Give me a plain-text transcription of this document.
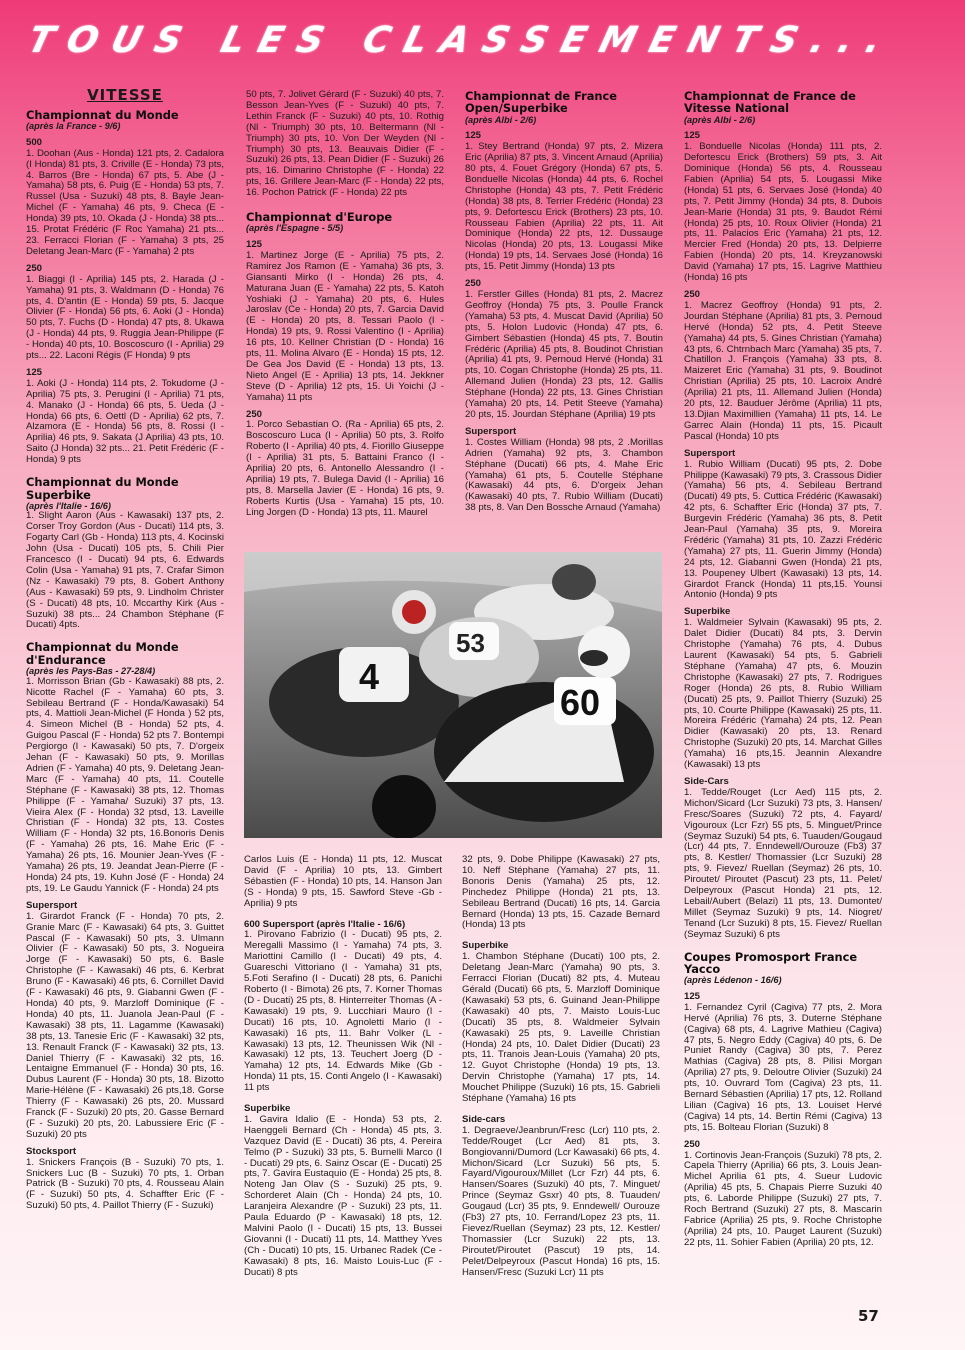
TOUS LES CLASSEMENTS...
VITESSE
Championnat du Monde
(après la France - 9/6)
500

1. Doohan (Aus - Honda) 121 pts, 2. Cadalora (I Honda) 81 pts, 3. Criville (E - Honda) 73 pts, 4. Barros (Bre - Honda) 67 pts, 5. Abe (J - Yamaha) 58 pts, 6. Puig (E - Honda) 53 pts, 7. Russel (Usa - Suzuki) 48 pts, 8. Bayle Jean-Michel (F - Yamaha) 46 pts, 9. Checa (E - Honda) 39 pts, 10. Okada (J - Honda) 38 pts... 15. Protat Frédéric (F Roc Yamaha) 21 pts... 23. Ferracci Florian (F - Yamaha) 3 pts, 25 Deletang Jean-Marc (F - Yamaha) 2 pts

250

1. Biaggi (I - Aprilia) 145 pts, 2. Harada (J - Yamaha) 91 pts, 3. Waldmann (D - Honda) 76 pts, 4. D'antin (E - Honda) 59 pts, 5. Jacque Olivier (F - Honda) 56 pts, 6. Aoki (J - Honda) 50 pts, 7. Fuchs (D - Honda) 47 pts, 8. Ukawa (J - Honda) 44 pts, 9. Ruggia Jean-Philippe (F - Honda) 40 pts, 10. Boscoscuro (I - Aprilia) 29 pts... 22. Laconi Régis (F Honda) 9 pts

125

1. Aoki (J - Honda) 114 pts, 2. Tokudome (J - Aprilia) 75 pts, 3. Perugini (I - Aprilia) 71 pts, 4. Manako (J - Honda) 66 pts, 5. Ueda (J - Honda) 66 pts, 6. Oettl (D - Aprilia) 62 pts, 7. Alzamora (E - Honda) 56 pts, 8. Rossi (I - Aprilia) 46 pts, 9. Sakata (J Aprilia) 43 pts, 10. Saito (J Honda) 32 pts... 21. Petit Frédéric (F - Honda) 9 pts

Championnat du Monde Superbike
(après l'Italie - 16/6)

1. Slight Aaron (Aus - Kawasaki) 137 pts, 2. Corser Troy Gordon (Aus - Ducati) 114 pts, 3. Fogarty Carl (Gb - Honda) 113 pts, 4. Kocinski John (Usa - Ducati) 105 pts, 5. Chili Pier Francesco (I - Ducati) 94 pts, 6. Edwards Colin (Usa - Yamaha) 91 pts, 7. Crafar Simon (Nz - Kawasaki) 79 pts, 8. Gobert Anthony (Aus - Kawasaki) 59 pts, 9. Lindholm Christer (S - Ducati) 48 pts, 10. Mccarthy Kirk (Aus - Suzuki) 38 pts... 24 Chambon Stéphane (F Ducati) 4pts.

Championnat du Monde d'Endurance
(après les Pays-Bas - 27-28/4)

1. Morrisson Brian (Gb - Kawasaki) 88 pts, 2. Nicotte Rachel (F - Yamaha) 60 pts, 3. Sebileau Bertrand (F - Honda/Kawasaki) 54 pts, 4. Mattioli Jean-Michel (F Honda ) 52 pts, 4. Simeon Michel (B - Honda) 52 pts, 4. Guigou Pascal (F - Honda) 52 pts 7. Bontempi Pergiorgo (I - Kawasaki) 50 pts, 7. D'orgeix Jehan (F - Kawasaki) 50 pts, 9. Morillas Adrien (F - Yamaha) 40 pts, 9. Deletang Jean-Marc (F - Yamaha) 40 pts, 11. Coutelle Stéphane (F - Kawasaki) 38 pts, 12. Thomas Philippe (F - Yamaha/ Suzuki) 37 pts, 13. Vieira Alex (F - Honda) 32 ptsd, 13. Laveille Christian (F - Honda) 32 pts, 13. Costes William (F - Honda) 32 pts, 16.Bonoris Denis (F - Yamaha) 26 pts, 16. Mahe Eric (F - Yamaha) 26 pts, 16. Mounier Jean-Yves (F - Yamaha) 26 pts, 19. Jeandat Jean-Pierre (F - Honda) 24 pts, 19. Kuhn José (F - Honda) 24 pts, 19. Le Gaudu Yannick (F - Honda) 24 pts

Supersport

1. Girardot Franck (F - Honda) 70 pts, 2. Granie Marc (F - Kawasaki) 64 pts, 3. Guittet Pascal (F - Kawasaki) 50 pts, 3. Ulmann Olivier (F - Kawasaki) 50 pts, 3. Nogueira Jorge (F - Kawasaki) 50 pts, 6. Basle Christophe (F - Kawasaki) 46 pts, 6. Kerbrat Bruno (F - Kawasaki) 46 pts, 6. Cornillet David (F - Kawasaki) 46 pts, 9. Giabanni Gwen (F - Honda) 40 pts, 9. Marzloff Dominique (F - Honda) 40 pts, 11. Juanola Jean-Paul (F - Kawasaki) 38 pts, 11. Lagamme (Kawasaki) 38 pts, 13. Tanesie Eric (F - Kawasaki) 32 pts, 13. Renault Franck (F - Kawasaki) 32 pts, 13. Daniel Thierry (F - Kawasaki) 32 pts, 16. Lentaigne Emmanuel (F - Honda) 30 pts, 16. Dubus Laurent (F - Honda) 30 pts, 18. Bizotto Marie-Hélène (F - Kawasaki) 26 pts,18. Gorse Thierry (F - Kawasaki) 26 pts, 20. Mussard Franck (F - Suzuki) 20 pts, 20. Gasse Bernard (F - Suzuki) 20 pts, 20. Labussiere Eric (F - Suzuki) 20 pts

Stocksport

1. Snickers François (B - Suzuki) 70 pts, 1. Snickers Luc (B - Suzuki) 70 pts, 1. Orban Patrick (B - Suzuki) 70 pts, 4. Rousseau Alain (F - Suzuki) 50 pts, 4. Schaffter Eric (F - Suzuki) 50 pts, 4. Paillot Thierry (F - Suzuki)

50 pts, 7. Jolivet Gérard (F - Suzuki) 40 pts, 7. Besson Jean-Yves (F - Suzuki) 40 pts, 7. Lethin Franck (F - Suzuki) 40 pts, 10. Rothig (Nl - Triumph) 30 pts, 10. Beltermann (Nl - Triumph) 30 pts, 10. Von Der Weyden (Nl - Triumph) 30 pts, 13. Beauvais Didier (F - Suzuki) 26 pts, 13. Pean Didier (F - Suzuki) 26 pts, 16. Dimarino Christophe (F - Honda) 22 pts, 16. Grillere Jean-Marc (F - Honda) 22 pts, 16. Pochon Patrick (F - Honda) 22 pts

Championnat d'Europe
(après l'Espagne - 5/5)
125

1. Martinez Jorge (E - Aprilia) 75 pts, 2. Ramirez Jos Ramon (E - Yamaha) 36 pts, 3. Giansanti Mirko (I - Honda) 26 pts, 4. Maturana Juan (E - Yamaha) 22 pts, 5. Katoh Yoshiaki (J - Yamaha) 20 pts, 6. Hules Jaroslav (Ce - Honda) 20 pts, 7. Garcia David (E - Honda) 20 pts, 8. Tessari Paolo (I - Honda) 19 pts, 9. Rossi Valentino (I - Aprilia) 16 pts, 10. Kellner Christian (D - Honda) 16 pts, 11. Molina Alvaro (E - Honda) 15 pts, 12. De Gea Jos David (E - Honda) 13 pts, 13. Nieto Angel (E - Aprilia) 13 pts, 14. Jekkner Steve (D - Aprilia) 12 pts, 15. Ui Yoichi (J - Yamaha) 11 pts

250

1. Porco Sebastian O. (Ra - Aprilia) 65 pts, 2. Boscoscuro Luca (I - Aprilia) 50 pts, 3. Rolfo Roberto (I - Aprilia) 40 pts, 4. Fiorillo Giuseppe (I - Aprilia) 31 pts, 5. Battaini Franco (I - Aprilia) 20 pts, 6. Antonello Alessandro (I - Aprilia) 19 pts, 7. Bulega David (I - Aprilia) 16 pts, 8. Marsella Javier (E - Honda) 16 pts, 9. Roberts Kurtis (Usa - Yamaha) 15 pts, 10. Ling Jorgen (D - Honda) 13 pts, 11. Maurel

Championnat de France Open/Superbike
(après Albi - 2/6)
125

1. Stey Bertrand (Honda) 97 pts, 2. Mizera Eric (Aprilia) 87 pts, 3. Vincent Arnaud (Aprilia) 80 pts, 4. Fouet Grégory (Honda) 67 pts, 5. Bonduelle Nicolas (Honda) 44 pts, 6. Rochel Christophe (Honda) 43 pts, 7. Petit Frédéric (Honda) 38 pts, 8. Terrier Frédéric (Honda) 23 pts, 9. Defortescu Erick (Brothers) 23 pts, 10. Rousseau Fabien (Aprilia) 22 pts, 11. Ait Dominique (Honda) 22 pts, 12. Dussauge Nicolas (Honda) 20 pts, 13. Lougassi Mike (Honda) 19 pts, 14. Servaes José (Honda) 16 pts, 15. Petit Jimmy (Honda) 13 pts

250

1. Ferstler Gilles (Honda) 81 pts, 2. Macrez Geoffroy (Honda) 75 pts, 3. Poulle Franck (Yamaha) 53 pts, 4. Muscat David (Aprilia) 50 pts, 5. Holon Ludovic (Honda) 47 pts, 6. Gimbert Sébastien (Honda) 45 pts, 7. Boutin Frédéric (Aprilia) 45 pts, 8. Boudinot Christian (Aprilia) 41 pts, 9. Pernoud Hervé (Honda) 31 pts, 10. Cogan Christophe (Honda) 25 pts, 11. Allemand Julien (Honda) 23 pts, 12. Gallis Stéphane (Honda) 22 pts, 13. Gines Christian (Yamaha) 20 pts, 14. Petit Steeve (Yamaha) 20 pts, 15. Jourdan Stéphane (Aprilia) 19 pts

Supersport

1. Costes William (Honda) 98 pts, 2 .Morillas Adrien (Yamaha) 92 pts, 3. Chambon Stéphane (Ducati) 66 pts, 4. Mahe Eric (Yamaha) 61 pts, 5. Coutelle Stéphane (Kawasaki) 44 pts, 6. D'orgeix Jehan (Kawasaki) 40 pts, 7. Rubio William (Ducati) 38 pts, 8. Van Den Bossche Arnaud (Yamaha)

4
53
60

Carlos Luis (E - Honda) 11 pts, 12. Muscat David (F - Aprilia) 10 pts, 13. Gimbert Sébastien (F - Honda) 10 pts, 14. Hanson Jan (S - Honda) 9 pts, 15. Sawford Steve -Gb - Aprilia) 9 pts

600 Supersport (après l'Italie - 16/6)

1. Pirovano Fabrizio (I - Ducati) 95 pts, 2. Meregalli Massimo (I - Yamaha) 74 pts, 3. Mariottini Camillo (I - Ducati) 49 pts, 4. Guareschi Vittoriano (I - Yamaha) 31 pts, 5.Foti Serafino (I - Ducati) 28 pts, 6. Panichi Roberto (I - Bimota) 26 pts, 7. Korner Thomas (D - Ducati) 25 pts, 8. Hinterreiter Thomas (A - Kawasaki) 19 pts, 9. Lucchiari Mauro (I - Ducati) 16 pts, 10. Agnoletti Mario (I - Kawasaki) 16 pts, 11. Bahr Volker (L - Kawasaki) 13 pts, 12. Theunissen Wik (Nl - Kawasaki) 12 pts, 13. Teuchert Joerg (D - Yamaha) 12 pts, 14. Edwards Mike (Gb - Honda) 11 pts, 15. Conti Angelo (I - Kawasaki) 11 pts

Superbike

1. Gavira Idalio (E - Honda) 53 pts, 2. Haenggeli Bernard (Ch - Honda) 45 pts, 3. Vazquez David (E - Ducati) 36 pts, 4. Pereira Telmo (P - Suzuki) 33 pts, 5. Burnelli Marco (I - Ducati) 29 pts, 6. Sainz Oscar (E - Ducati) 25 pts, 7. Gavira Eustaquio (E - Honda) 25 pts, 8. Noteng Jan Olav (S - Suzuki) 25 pts, 9. Schorderet Alain (Ch - Honda) 24 pts, 10. Laranjeira Alexandre (P - Suzuki) 23 pts, 11. Paula Eduardo (P - Kawasaki) 18 pts, 12. Malvini Paolo (I - Ducati) 15 pts, 13. Bussei Giovanni (I - Ducati) 11 pts, 14. Matthey Yves (Ch - Ducati) 10 pts, 15. Urbanec Radek (Ce - Kawasaki) 8 pts, 16. Maisto Louis-Luc (F - Ducati) 8 pts

32 pts, 9. Dobe Philippe (Kawasaki) 27 pts, 10. Neff Stéphane (Yamaha) 27 pts, 11. Bonoris Denis (Yamaha) 25 pts, 12. Pinchedez Philippe (Honda) 21 pts, 13. Sebileau Bertrand (Ducati) 16 pts, 14. Garcia Bernard (Honda) 13 pts, 15. Cazade Bernard (Honda) 13 pts

Superbike

1. Chambon Stéphane (Ducati) 100 pts, 2. Deletang Jean-Marc (Yamaha) 90 pts, 3. Ferracci Florian (Ducati) 82 pts, 4. Muteau Gérald (Ducati) 66 pts, 5. Marzloff Dominique (Kawasaki) 53 pts, 6. Guinand Jean-Philippe (Kawasaki) 40 pts, 7. Maisto Louis-Luc (Ducati) 35 pts, 8. Waldmeier Sylvain (Kawasaki) 25 pts, 9. Laveille Christian (Honda) 24 pts, 10. Dalet Didier (Ducati) 23 pts, 11. Tranois Jean-Louis (Yamaha) 20 pts, 12. Guyot Christophe (Honda) 19 pts, 13. Dervin Christophe (Yamaha) 17 pts, 14. Mouchet Philippe (Suzuki) 16 pts, 15. Gabrieli Stéphane (Yamaha) 16 pts

Side-cars

1. Degraeve/Jeanbrun/Fresc (Lcr) 110 pts, 2. Tedde/Rouget (Lcr Aed) 81 pts, 3. Bongiovanni/Dumord (Lcr Kawasaki) 66 pts, 4. Michon/Sicard (Lcr Suzuki) 56 pts, 5. Fayard/Vigouroux/Millet (Lcr Fzr) 44 pts, 6. Hansen/Soares (Suzuki) 40 pts, 7. Minguet/ Prince (Seymaz Gsxr) 40 pts, 8. Tuauden/ Gougaud (Lcr) 35 pts, 9. Enndewell/ Ourouze (Fb3) 27 pts, 10. Ferrand/Lopez 23 pts, 11. Fievez/Ruellan (Seymaz) 23 pts, 12. Kestler/ Thomassier (Lcr Suzuki) 22 pts, 13. Piroutet/Piroutet (Pascut) 19 pts, 14. Pelet/Delpeyroux (Pascut Honda) 16 pts, 15. Hansen/Fresc (Suzuki Lcr) 11 pts

Championnat de France de Vitesse National
(après Albi - 2/6)
125

1. Bonduelle Nicolas (Honda) 111 pts, 2. Defortescu Erick (Brothers) 59 pts, 3. Ait Dominique (Honda) 56 pts, 4. Rousseau Fabien (Aprilia) 54 pts, 5. Lougassi Mike (Honda) 51 pts, 6. Servaes José (Honda) 40 pts, 7. Petit Jimmy (Honda) 34 pts, 8. Dubois Jean-Marie (Honda) 31 pts, 9. Baudot Rémi (Honda) 25 pts, 10. Roux Olivier (Honda) 21 pts, 11. Palacios Eric (Yamaha) 21 pts, 12. Mercier Fred (Honda) 20 pts, 13. Delpierre Fabien (Honda) 20 pts, 14. Kreyzanowski David (Yamaha) 17 pts, 15. Lagrive Matthieu (Honda) 16 pts

250

1. Macrez Geoffroy (Honda) 91 pts, 2. Jourdan Stéphane (Aprilia) 81 pts, 3. Pernoud Hervé (Honda) 52 pts, 4. Petit Steeve (Yamaha) 44 pts, 5. Gines Christian (Yamaha) 43 pts, 6. Chtrnbach Marc (Yamaha) 35 pts, 7. Chatillon J. François (Yamaha) 33 pts, 8. Maizeret Eric (Yamaha) 31 pts, 9. Boudinot Christian (Aprilia) 25 pts, 10. Lacroix André (Aprilia) 21 pts, 11. Allemand Julien (Honda) 20 pts, 12. Bauduer Jérôme (Aprilia) 11 pts, 13.Djian Maximillien (Yamaha) 11 pts, 14. Le Garrec Alain (Honda) 11 pts, 15. Picault Pascal (Honda) 10 pts

Supersport

1. Rubio William (Ducati) 95 pts, 2. Dobe Philippe (Kawasaki) 79 pts, 3. Crassous Didier (Yamaha) 56 pts, 4. Sebileau Bertrand (Ducati) 49 pts, 5. Cuttica Frédéric (Kawasaki) 42 pts, 6. Schaffter Eric (Honda) 37 pts, 7. Burgevin Frédéric (Yamaha) 36 pts, 8. Petit Jean-Paul (Yamaha) 35 pts, 9. Moreira Frédéric (Yamaha) 31 pts, 10. Zazzi Frédéric (Yamaha) 27 pts, 11. Guerin Jimmy (Honda) 24 pts, 12. Giabanni Gwen (Honda) 21 pts, 13. Poupeney Ulbert (Kawasaki) 13 pts, 14. Girardot Franck (Honda) 11 pts,15. Younsi Antonio (Honda) 9 pts

Superbike

1. Waldmeier Sylvain (Kawasaki) 95 pts, 2. Dalet Didier (Ducati) 84 pts, 3. Dervin Christophe (Yamaha) 76 pts, 4. Dubus Laurent (Kawasaki) 54 pts, 5. Gabrieli Stéphane (Yamaha) 47 pts, 6. Mouzin Christophe (Kawasaki) 27 pts, 7. Rodrigues Roger (Honda) 26 pts, 8. Rubio William (Ducati) 25 pts, 9. Paillot Thierry (Suzuki) 25 pts, 10. Courte Philippe (Kawasaki) 25 pts, 11. Moreira Frédéric (Yamaha) 24 pts, 12. Pean Didier (Kawasaki) 20 pts, 13. Renard Christophe (Suzuki) 20 pts, 14. Marchat Gilles (Yamaha) 16 pts,15. Jeannin Alexandre (Kawasaki) 13 pts

Side-Cars

1. Tedde/Rouget (Lcr Aed) 115 pts, 2. Michon/Sicard (Lcr Suzuki) 73 pts, 3. Hansen/ Fresc/Soares (Suzuki) 72 pts, 4. Fayard/ Vigouroux (Lcr Fzr) 55 pts, 5. Minguet/Prince (Seymaz Suzuki) 54 pts, 6. Tuauden/Gougaud (Lcr) 44 pts, 7. Enndewell/Ourouze (Fb3) 37 pts, 8. Kestler/ Thomassier (Lcr Suzuki) 28 pts, 9. Fievez/ Ruellan (Seymaz) 26 pts, 10. Piroutet/ Piroutet (Pascut) 23 pts, 11. Pelet/ Delpeyroux (Pascut Honda) 21 pts, 12. Lebail/Aubert (Belazi) 11 pts, 13. Dumontet/ Millet (Seymaz Suzuki) 9 pts, 14. Niogret/ Tenand (Lcr Suzuki) 8 pts, 15. Fievez/ Ruellan (Seymaz Suzuki) 6 pts

Coupes Promosport France Yacco
(après Lédenon - 16/6)
125

1. Fernandez Cyril (Cagiva) 77 pts, 2. Mora Hervé (Aprilia) 76 pts, 3. Duterne Stéphane (Cagiva) 68 pts, 4. Lagrive Mathieu (Cagiva) 47 pts, 5. Negro Eddy (Cagiva) 40 pts, 6. De Puniet Randy (Cagiva) 30 pts, 7. Perez Mathias (Cagiva) 28 pts, 8. Pilisi Morgan (Aprilia) 27 pts, 9. Deloutre Olivier (Suzuki) 24 pts, 10. Ouvrard Tom (Cagiva) 23 pts, 11. Bernard Sébastien (Aprilia) 17 pts, 12. Rolland Lilian (Cagiva) 16 pts, 13. Louiset Hervé (Cagiva) 14 pts, 14. Bertin Rémi (Cagiva) 13 pts, 15. Bolteau Florian (Suzuki) 8

250

1. Cortinovis Jean-François (Suzuki) 78 pts, 2. Capela Thierry (Aprilia) 66 pts, 3. Louis Jean-Michel Aprilia 61 pts, 4. Sueur Ludovic (Aprilia) 45 pts, 5. Chapais Pierre Suzuki 40 pts, 6. Laborde Philippe (Suzuki) 27 pts, 7. Roch Bertrand (Suzuki) 27 pts, 8. Mascarin Fabrice (Aprilia) 25 pts, 9. Roche Christophe (Aprilia) 24 pts, 10. Pauget Laurent (Suzuki) 22 pts, 11. Sohier Fabien (Aprilia) 20 pts, 12.

57
